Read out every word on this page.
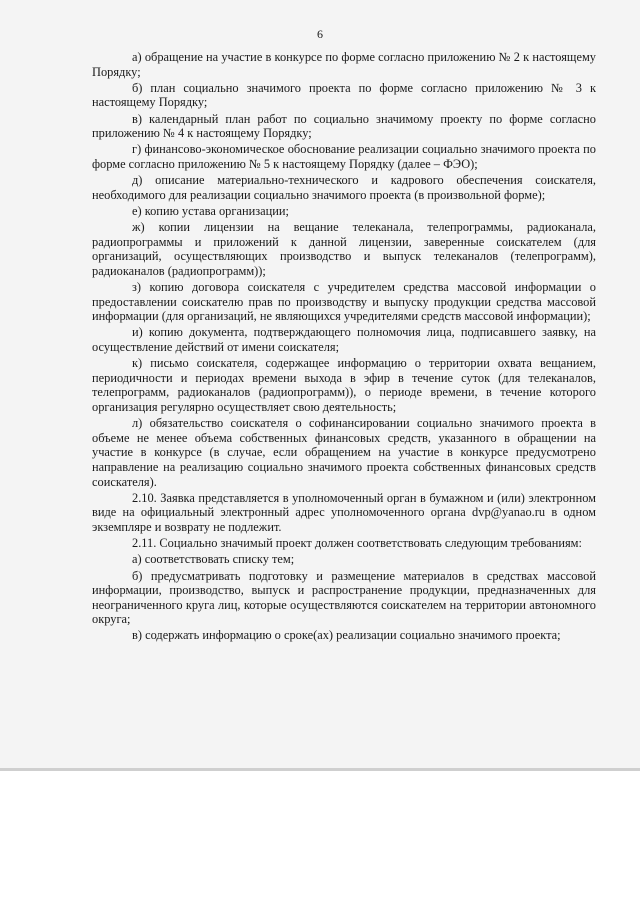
6

а) обращение на участие в конкурсе по форме согласно приложению № 2 к настоящему Порядку;

б) план социально значимого проекта по форме согласно приложению № 3 к настоящему Порядку;

в) календарный план работ по социально значимому проекту по форме согласно приложению № 4 к настоящему Порядку;

г) финансово-экономическое обоснование реализации социально значимого проекта по форме согласно приложению № 5 к настоящему Порядку (далее – ФЭО);

д) описание материально-технического и кадрового обеспечения соискателя, необходимого для реализации социально значимого проекта (в произвольной форме);

е) копию устава организации;

ж) копии лицензии на вещание телеканала, телепрограммы, радиоканала, радиопрограммы и приложений к данной лицензии, заверенные соискателем (для организаций, осуществляющих производство и выпуск телеканалов (телепрограмм), радиоканалов (радиопрограмм));

з) копию договора соискателя с учредителем средства массовой информации о предоставлении соискателю прав по производству и выпуску продукции средства массовой информации (для организаций, не являющихся учредителями средств массовой информации);

и) копию документа, подтверждающего полномочия лица, подписавшего заявку, на осуществление действий от имени соискателя;

к) письмо соискателя, содержащее информацию о территории охвата вещанием, периодичности и периодах времени выхода в эфир в течение суток (для телеканалов, телепрограмм, радиоканалов (радиопрограмм)), о периоде времени, в течение которого организация регулярно осуществляет свою деятельность;

л) обязательство соискателя о софинансировании социально значимого проекта в объеме не менее объема собственных финансовых средств, указанного в обращении на участие в конкурсе (в случае, если обращением на участие в конкурсе предусмотрено направление на реализацию социально значимого проекта собственных финансовых средств соискателя).

2.10. Заявка представляется в уполномоченный орган в бумажном и (или) электронном виде на официальный электронный адрес уполномоченного органа dvp@yanao.ru в одном экземпляре и возврату не подлежит.

2.11. Социально значимый проект должен соответствовать следующим требованиям:

а) соответствовать списку тем;

б) предусматривать подготовку и размещение материалов в средствах массовой информации, производство, выпуск и распространение продукции, предназначенных для неограниченного круга лиц, которые осуществляются соискателем на территории автономного округа;

в) содержать информацию о сроке(ах) реализации социально значимого проекта;
